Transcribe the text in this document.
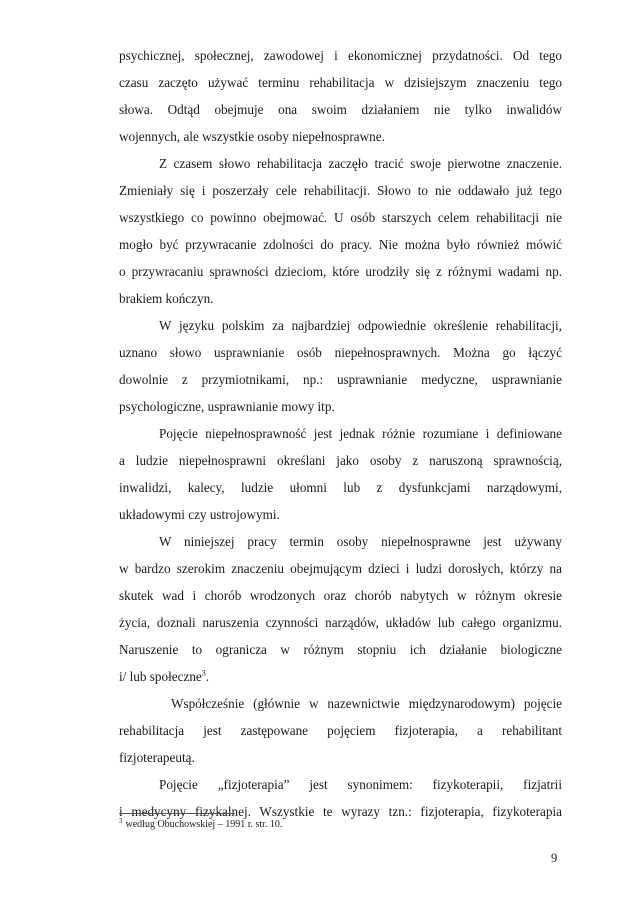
psychicznej, społecznej, zawodowej i ekonomicznej przydatności. Od tego
czasu zaczęto używać terminu rehabilitacja w dzisiejszym znaczeniu tego
słowa. Odtąd obejmuje ona swoim działaniem nie tylko inwalidów
wojennych, ale wszystkie osoby niepełnosprawne.
Z czasem słowo rehabilitacja zaczęło tracić swoje pierwotne znaczenie.
Zmieniały się i poszerzały cele rehabilitacji. Słowo to nie oddawało już tego
wszystkiego co powinno obejmować. U osób starszych celem rehabilitacji nie
mogło być przywracanie zdolności do pracy. Nie można było również mówić
o przywracaniu sprawności dzieciom, które urodziły się z różnymi wadami np.
brakiem kończyn.
W języku polskim za najbardziej odpowiednie określenie rehabilitacji,
uznano słowo usprawnianie osób niepełnosprawnych. Można go łączyć
dowolnie z przymiotnikami, np.: usprawnianie medyczne, usprawnianie
psychologiczne, usprawnianie mowy itp.
Pojęcie niepełnosprawność jest jednak różnie rozumiane i definiowane
a ludzie niepełnosprawni określani jako osoby z naruszoną sprawnością,
inwalidzi, kalecy, ludzie ułomni lub z dysfunkcjami narządowymi,
układowymi czy ustrojowymi.
W niniejszej pracy termin osoby niepełnosprawne jest używany
w bardzo szerokim znaczeniu obejmującym dzieci i ludzi dorosłych, którzy na
skutek wad i chorób wrodzonych oraz chorób nabytych w różnym okresie
życia, doznali naruszenia czynności narządów, układów lub całego organizmu.
Naruszenie to ogranicza w różnym stopniu ich działanie biologiczne
i/ lub społeczne$^3$.
Współcześnie (głównie w nazewnictwie międzynarodowym) pojęcie
rehabilitacja jest zastępowane pojęciem fizjoterapia, a rehabilitant
fizjoterapeutą.
Pojęcie „fizjoterapia” jest synonimem: fizykoterapii, fizjatrii
i medycyny fizykalnej. Wszystkie te wyrazy tzn.: fizjoterapia, fizykoterapia
$^3$ według Obuchowskiej – 1991 r. str. 10.
9
